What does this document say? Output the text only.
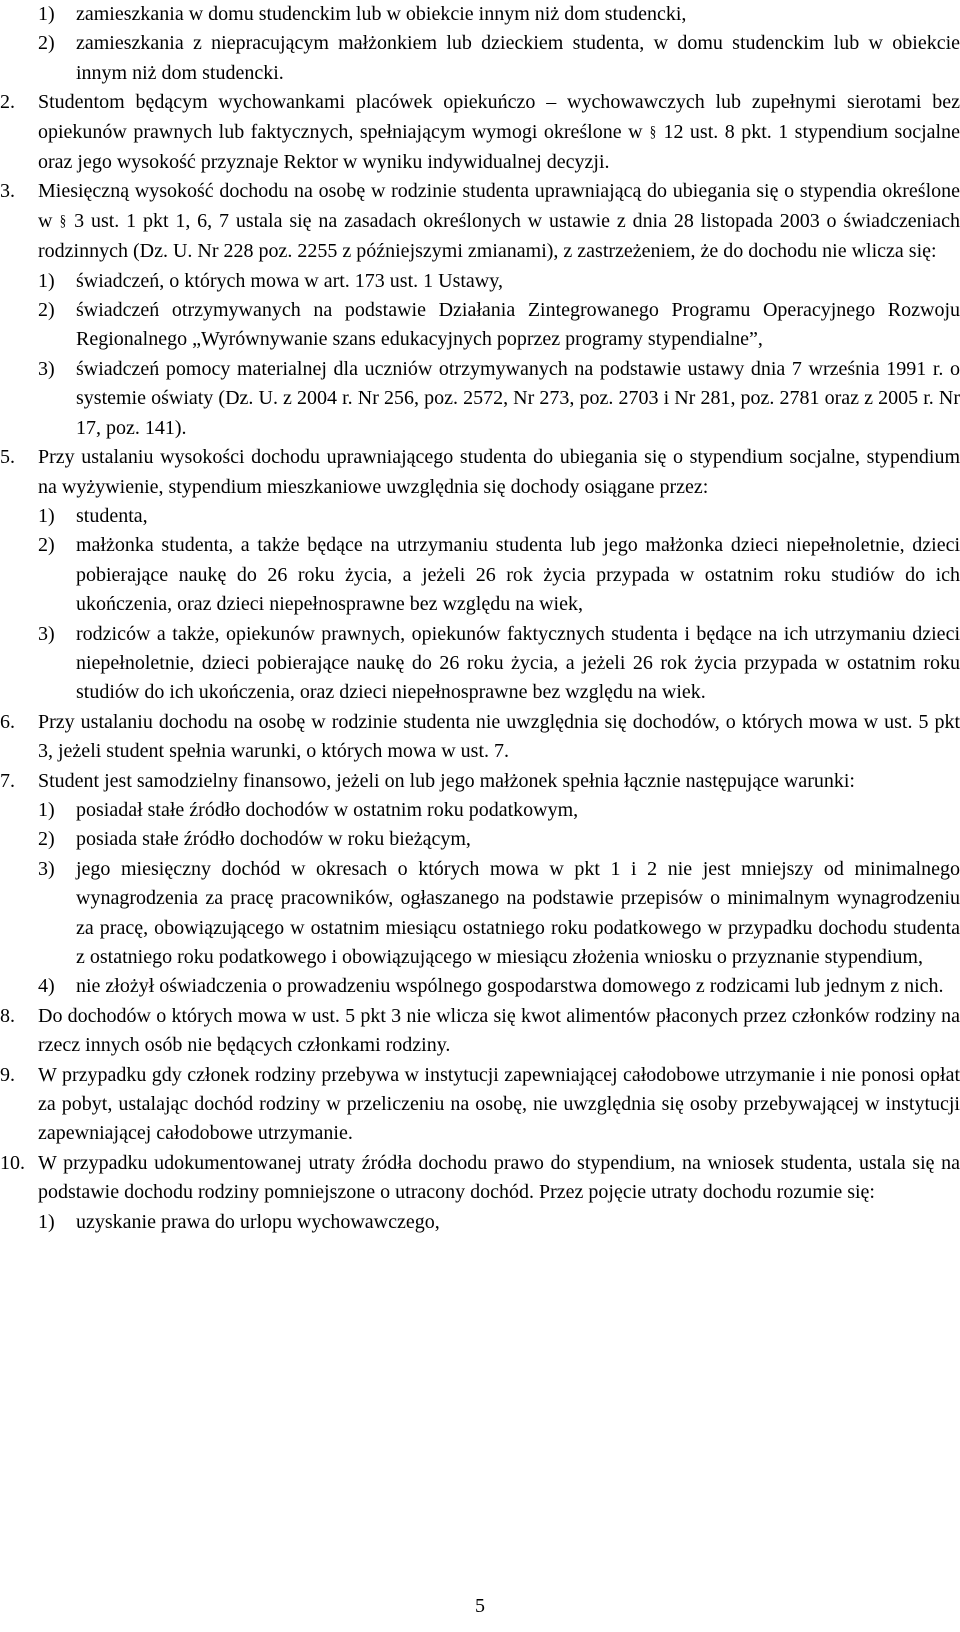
1) zamieszkania w domu studenckim lub w obiekcie innym niż dom studencki,

2) zamieszkania z niepracującym małżonkiem lub dzieckiem studenta, w domu studenckim lub w obiekcie innym niż dom studencki.

2. Studentom będącym wychowankami placówek opiekuńczo – wychowawczych lub zupełnymi sierotami bez opiekunów prawnych lub faktycznych, spełniającym wymogi określone w § 12 ust. 8 pkt. 1 stypendium socjalne oraz jego wysokość przyznaje Rektor w wyniku indywidualnej decyzji.

3. Miesięczną wysokość dochodu na osobę w rodzinie studenta uprawniającą do ubiegania się o stypendia określone w § 3 ust. 1 pkt 1, 6, 7 ustala się na zasadach określonych w ustawie z dnia 28 listopada 2003 o świadczeniach rodzinnych (Dz. U. Nr 228 poz. 2255 z późniejszymi zmianami), z zastrzeżeniem, że do dochodu nie wlicza się:

1) świadczeń, o których mowa w art. 173 ust. 1 Ustawy,

2) świadczeń otrzymywanych na podstawie Działania Zintegrowanego Programu Operacyjnego Rozwoju Regionalnego „Wyrównywanie szans edukacyjnych poprzez programy stypendialne”,

3) świadczeń pomocy materialnej dla uczniów otrzymywanych na podstawie ustawy dnia 7 września 1991 r. o systemie oświaty (Dz. U. z 2004 r. Nr 256, poz. 2572, Nr 273, poz. 2703 i Nr 281, poz. 2781 oraz z 2005 r. Nr 17, poz. 141).

5. Przy ustalaniu wysokości dochodu uprawniającego studenta do ubiegania się o stypendium socjalne, stypendium na wyżywienie, stypendium mieszkaniowe uwzględnia się dochody osiągane przez:

1) studenta,

2) małżonka studenta, a także będące na utrzymaniu studenta lub jego małżonka dzieci niepełnoletnie, dzieci pobierające naukę do 26 roku życia, a jeżeli 26 rok życia przypada w ostatnim roku studiów do ich ukończenia, oraz dzieci niepełnosprawne bez względu na wiek,

3) rodziców a także, opiekunów prawnych, opiekunów faktycznych studenta i będące na ich utrzymaniu dzieci niepełnoletnie, dzieci pobierające naukę do 26 roku życia, a jeżeli 26 rok życia przypada w ostatnim roku studiów do ich ukończenia, oraz dzieci niepełnosprawne bez względu na wiek.

6. Przy ustalaniu dochodu na osobę w rodzinie studenta nie uwzględnia się dochodów, o których mowa w ust. 5 pkt 3, jeżeli student spełnia warunki, o których mowa w ust. 7.

7. Student jest samodzielny finansowo, jeżeli on lub jego małżonek spełnia łącznie następujące warunki:

1) posiadał stałe źródło dochodów w ostatnim roku podatkowym,

2) posiada stałe źródło dochodów w roku bieżącym,

3) jego miesięczny dochód w okresach o których mowa w pkt 1 i 2 nie jest mniejszy od minimalnego wynagrodzenia za pracę pracowników, ogłaszanego na podstawie przepisów o minimalnym wynagrodzeniu za pracę, obowiązującego w ostatnim miesiącu ostatniego roku podatkowego w przypadku dochodu studenta z ostatniego roku podatkowego i obowiązującego w miesiącu złożenia wniosku o przyznanie stypendium,

4) nie złożył oświadczenia o prowadzeniu wspólnego gospodarstwa domowego z rodzicami lub jednym z nich.

8. Do dochodów o których mowa w ust. 5 pkt 3 nie wlicza się kwot alimentów płaconych przez członków rodziny na rzecz innych osób nie będących członkami rodziny.

9. W przypadku gdy członek rodziny przebywa w instytucji zapewniającej całodobowe utrzymanie i nie ponosi opłat za pobyt, ustalając dochód rodziny w przeliczeniu na osobę, nie uwzględnia się osoby przebywającej w instytucji zapewniającej całodobowe utrzymanie.

10. W przypadku udokumentowanej utraty źródła dochodu prawo do stypendium, na wniosek studenta, ustala się na podstawie dochodu rodziny pomniejszone o utracony dochód. Przez pojęcie utraty dochodu rozumie się:

1) uzyskanie prawa do urlopu wychowawczego,

5
